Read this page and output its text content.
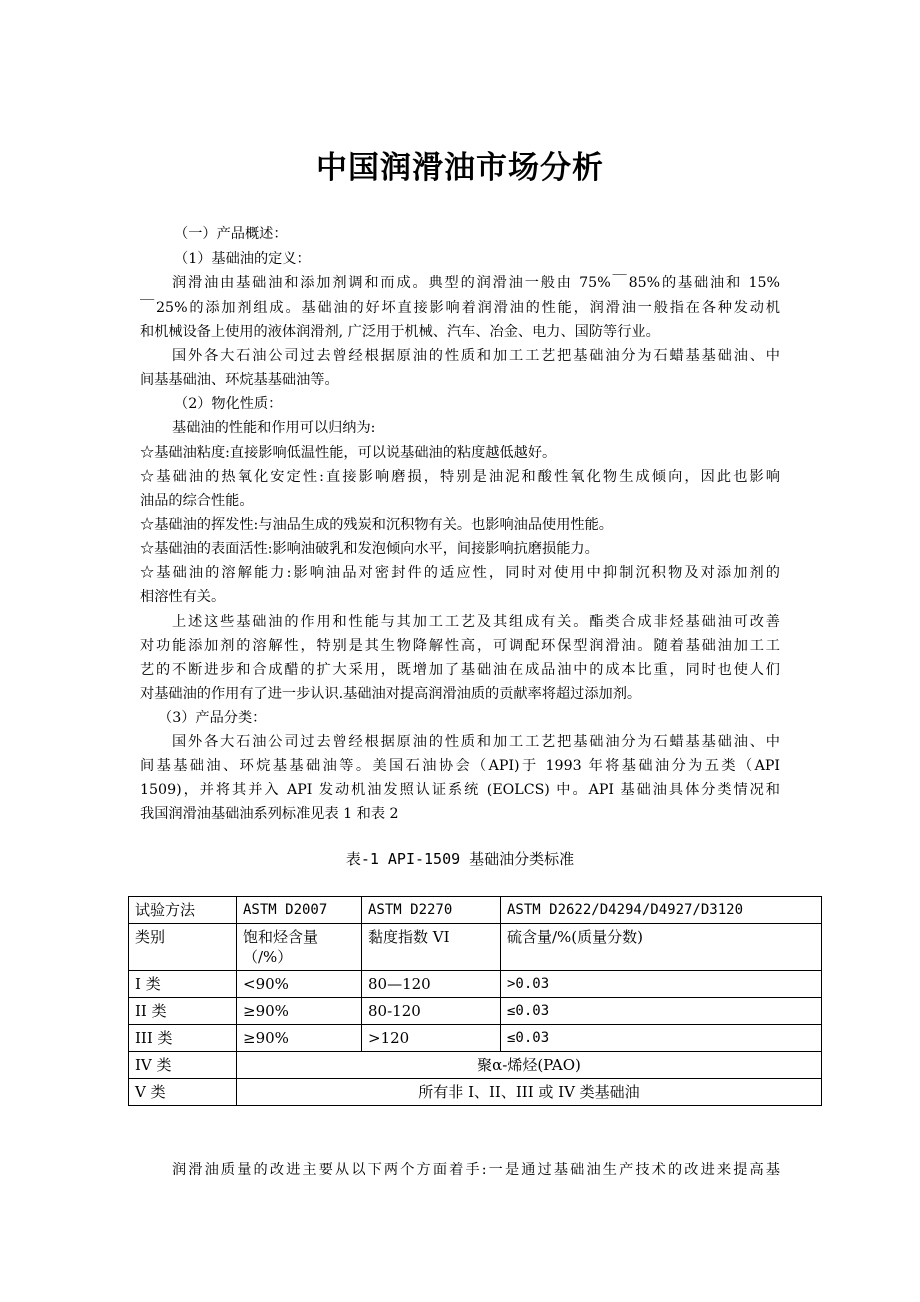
中国润滑油市场分析

（一）产品概述：

（1）基础油的定义：

润滑油由基础油和添加剂调和而成。典型的润滑油一般由 75%￣85%的基础油和 15%

￣25%的添加剂组成。基础油的好坏直接影响着润滑油的性能，润滑油一般指在各种发动机

和机械设备上使用的液体润滑剂, 广泛用于机械、汽车、冶金、电力、国防等行业。

国外各大石油公司过去曾经根据原油的性质和加工工艺把基础油分为石蜡基基础油、中

间基基础油、环烷基基础油等。

（2）物化性质：

基础油的性能和作用可以归纳为:

☆基础油粘度:直接影响低温性能，可以说基础油的粘度越低越好。

☆基础油的热氧化安定性:直接影响磨损，特别是油泥和酸性氧化物生成倾向，因此也影响

油品的综合性能。

☆基础油的挥发性:与油品生成的残炭和沉积物有关。也影响油品使用性能。

☆基础油的表面活性:影响油破乳和发泡倾向水平，间接影响抗磨损能力。

☆基础油的溶解能力:影响油品对密封件的适应性，同时对使用中抑制沉积物及对添加剂的

相溶性有关。

上述这些基础油的作用和性能与其加工工艺及其组成有关。酯类合成非烃基础油可改善

对功能添加剂的溶解性，特别是其生物降解性高，可调配环保型润滑油。随着基础油加工工

艺的不断进步和合成醋的扩大采用，既增加了基础油在成品油中的成本比重，同时也使人们

对基础油的作用有了进一步认识.基础油对提高润滑油质的贡献率将超过添加剂。

（3）产品分类：

国外各大石油公司过去曾经根据原油的性质和加工工艺把基础油分为石蜡基基础油、中

间基基础油、环烷基基础油等。美国石油协会（API)于 1993 年将基础油分为五类（API

1509)，并将其并入 API 发动机油发照认证系统 (EOLCS) 中。API 基础油具体分类情况和

我国润滑油基础油系列标准见表 1 和表 2

表-1 API-1509 基础油分类标准
试验方法	ASTM D2007	ASTM D2270	ASTM D2622/D4294/D4927/D3120
类别	饱和烃含量（/%）	黏度指数 VI	硫含量/%(质量分数)
I 类	<90%	80—120	>0.03
II 类	≥90%	80-120	≤0.03
III 类	≥90%	>120	≤0.03
IV 类	聚α-烯烃(PAO)		
V 类	所有非 I、II、III 或 IV 类基础油		

润滑油质量的改进主要从以下两个方面着手:一是通过基础油生产技术的改进来提高基
